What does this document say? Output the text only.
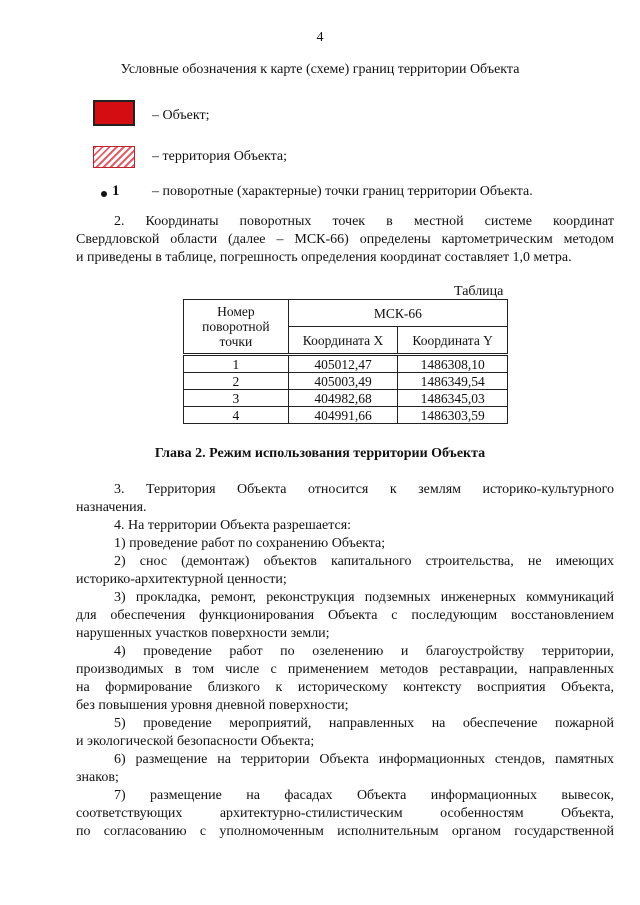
4
Условные обозначения к карте (схеме) границ территории Объекта
– Объект;
– территория Объекта;
1 – поворотные (характерные) точки границ территории Объекта.
2. Координаты поворотных точек в местной системе координат
Свердловской области (далее – МСК-66) определены картометрическим методом
и приведены в таблице, погрешность определения координат составляет 1,0 метра.
Таблица
Номер поворотной точки	МСК-66	
	Координата X	Координата Y
1	405012,47	1486308,10
2	405003,49	1486349,54
3	404982,68	1486345,03
4	404991,66	1486303,59
Глава 2. Режим использования территории Объекта
3. Территория Объекта относится к землям историко-культурного
назначения.
4. На территории Объекта разрешается:
1) проведение работ по сохранению Объекта;
2) снос (демонтаж) объектов капитального строительства, не имеющих
историко-архитектурной ценности;
3) прокладка, ремонт, реконструкция подземных инженерных коммуникаций
для обеспечения функционирования Объекта с последующим восстановлением
нарушенных участков поверхности земли;
4) проведение работ по озеленению и благоустройству территории,
производимых в том числе с применением методов реставрации, направленных
на формирование близкого к историческому контексту восприятия Объекта,
без повышения уровня дневной поверхности;
5) проведение мероприятий, направленных на обеспечение пожарной
и экологической безопасности Объекта;
6) размещение на территории Объекта информационных стендов, памятных
знаков;
7) размещение на фасадах Объекта информационных вывесок,
соответствующих архитектурно-стилистическим особенностям Объекта,
по согласованию с уполномоченным исполнительным органом государственной
